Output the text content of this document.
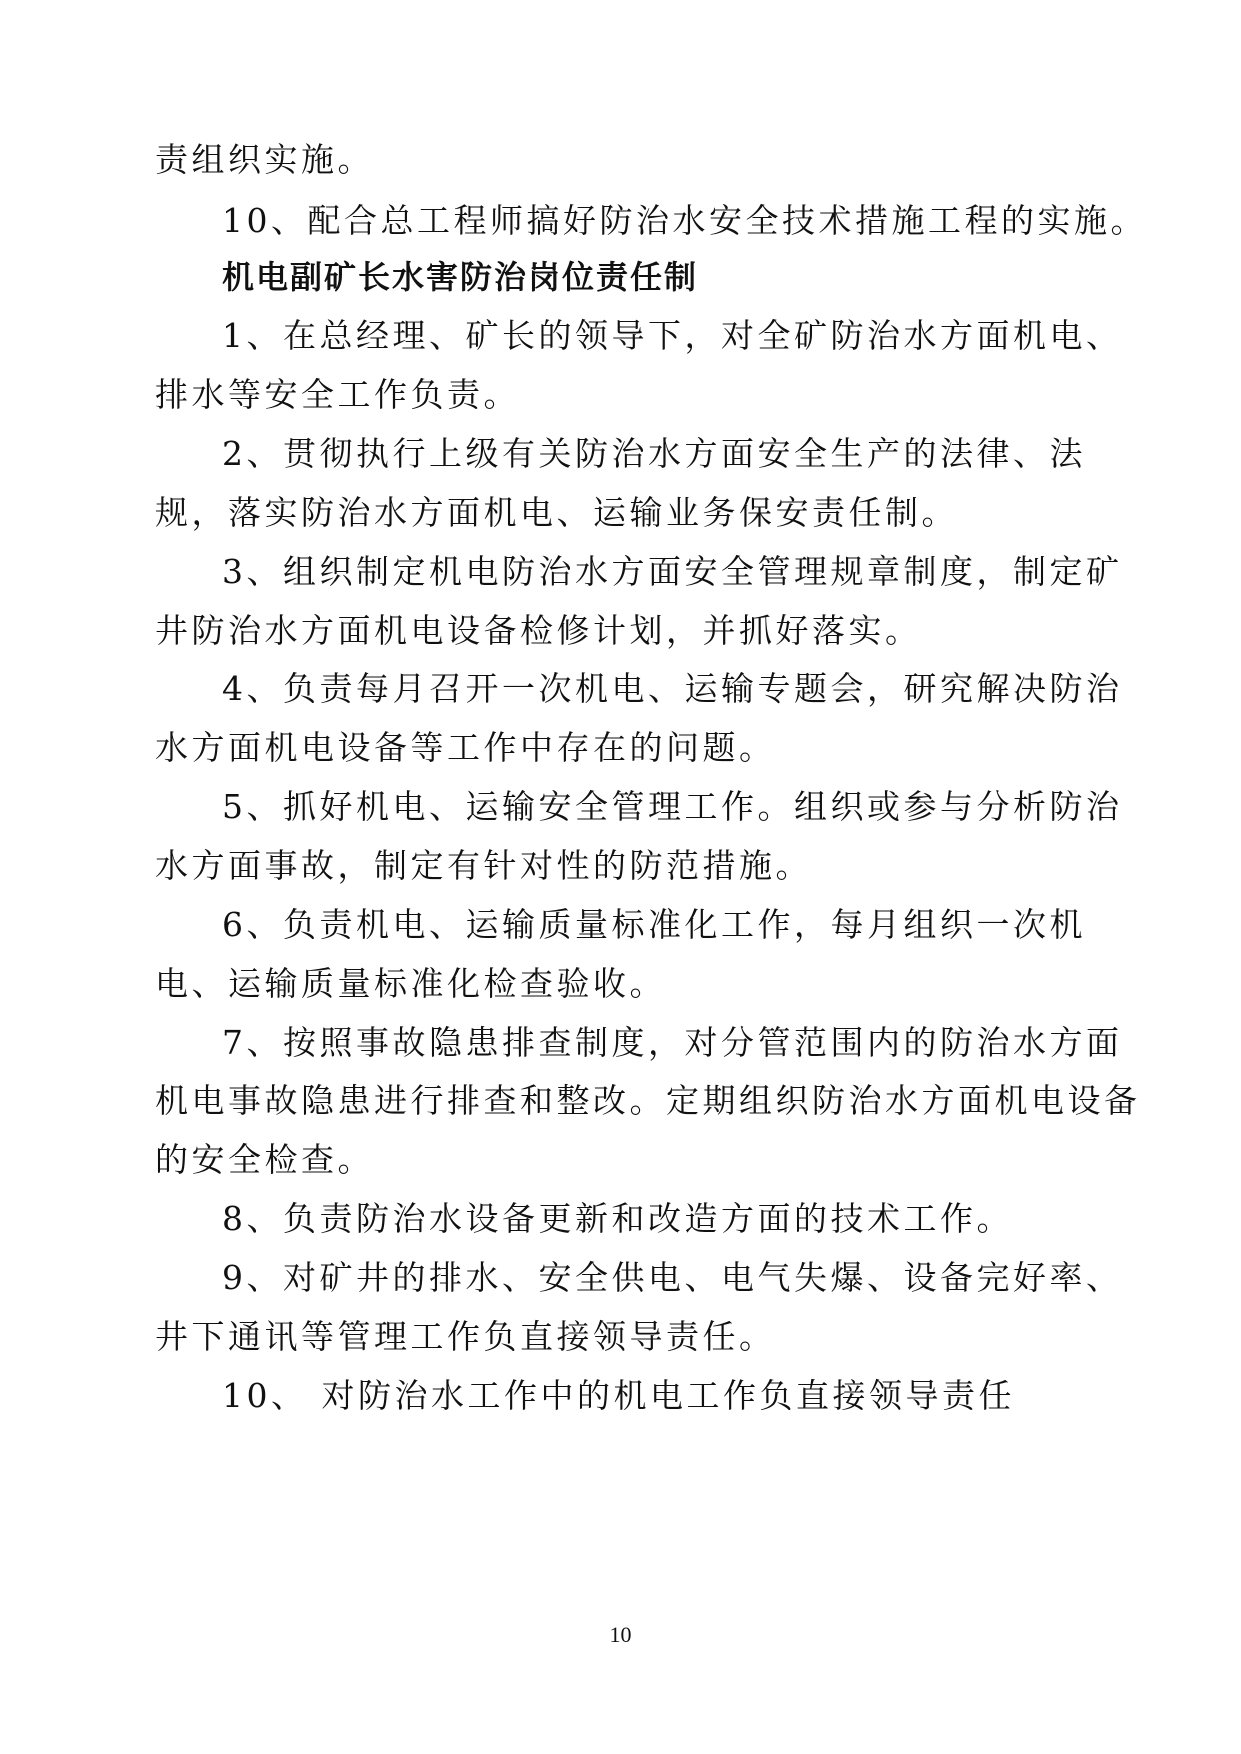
责组织实施。
10、配合总工程师搞好防治水安全技术措施工程的实施。
机电副矿长水害防治岗位责任制
1、在总经理、矿长的领导下，对全矿防治水方面机电、
排水等安全工作负责。
2、贯彻执行上级有关防治水方面安全生产的法律、法
规，落实防治水方面机电、运输业务保安责任制。
3、组织制定机电防治水方面安全管理规章制度，制定矿
井防治水方面机电设备检修计划，并抓好落实。
4、负责每月召开一次机电、运输专题会，研究解决防治
水方面机电设备等工作中存在的问题。
5、抓好机电、运输安全管理工作。组织或参与分析防治
水方面事故，制定有针对性的防范措施。
6、负责机电、运输质量标准化工作，每月组织一次机
电、运输质量标准化检查验收。
7、按照事故隐患排查制度，对分管范围内的防治水方面
机电事故隐患进行排查和整改。定期组织防治水方面机电设备
的安全检查。
8、负责防治水设备更新和改造方面的技术工作。
9、对矿井的排水、安全供电、电气失爆、设备完好率、
井下通讯等管理工作负直接领导责任。
10、 对防治水工作中的机电工作负直接领导责任
10
